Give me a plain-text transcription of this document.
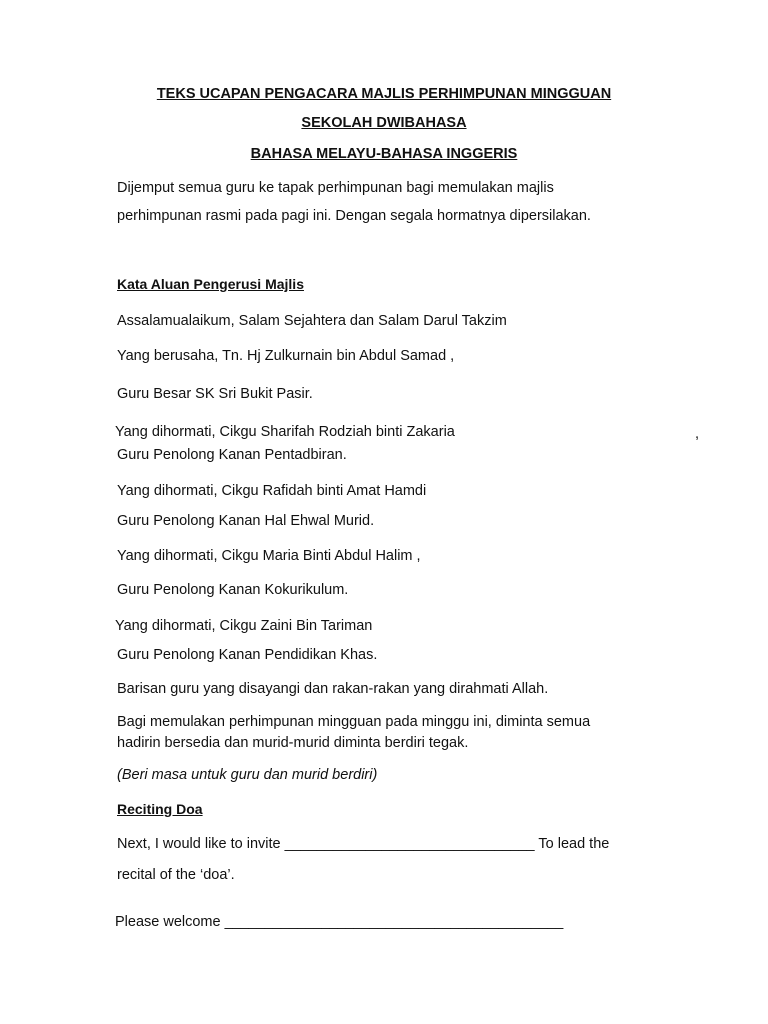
TEKS UCAPAN PENGACARA MAJLIS PERHIMPUNAN MINGGUAN
SEKOLAH DWIBAHASA
BAHASA MELAYU-BAHASA INGGERIS
Dijemput semua guru ke tapak perhimpunan bagi memulakan majlis
perhimpunan rasmi pada pagi ini. Dengan segala hormatnya dipersilakan.
Kata Aluan Pengerusi Majlis
Assalamualaikum, Salam Sejahtera dan Salam Darul Takzim
Yang berusaha, Tn. Hj Zulkurnain bin Abdul Samad ,
Guru Besar SK Sri Bukit Pasir.
Yang dihormati, Cikgu Sharifah Rodziah binti Zakaria	,
Guru Penolong Kanan Pentadbiran.
Yang dihormati, Cikgu Rafidah binti Amat Hamdi
Guru Penolong Kanan Hal Ehwal Murid.
Yang dihormati, Cikgu Maria Binti Abdul Halim ,
Guru Penolong Kanan Kokurikulum.
Yang dihormati, Cikgu Zaini Bin Tariman
Guru Penolong Kanan Pendidikan Khas.
Barisan guru yang disayangi dan rakan-rakan yang dirahmati Allah.
Bagi memulakan perhimpunan mingguan pada minggu ini, diminta semua
hadirin bersedia dan murid-murid diminta berdiri tegak.
(Beri masa untuk guru dan murid berdiri)
Reciting Doa
Next, I would like to invite _______________________________ To lead the
recital of the ‘doa’.
Please welcome __________________________________________
